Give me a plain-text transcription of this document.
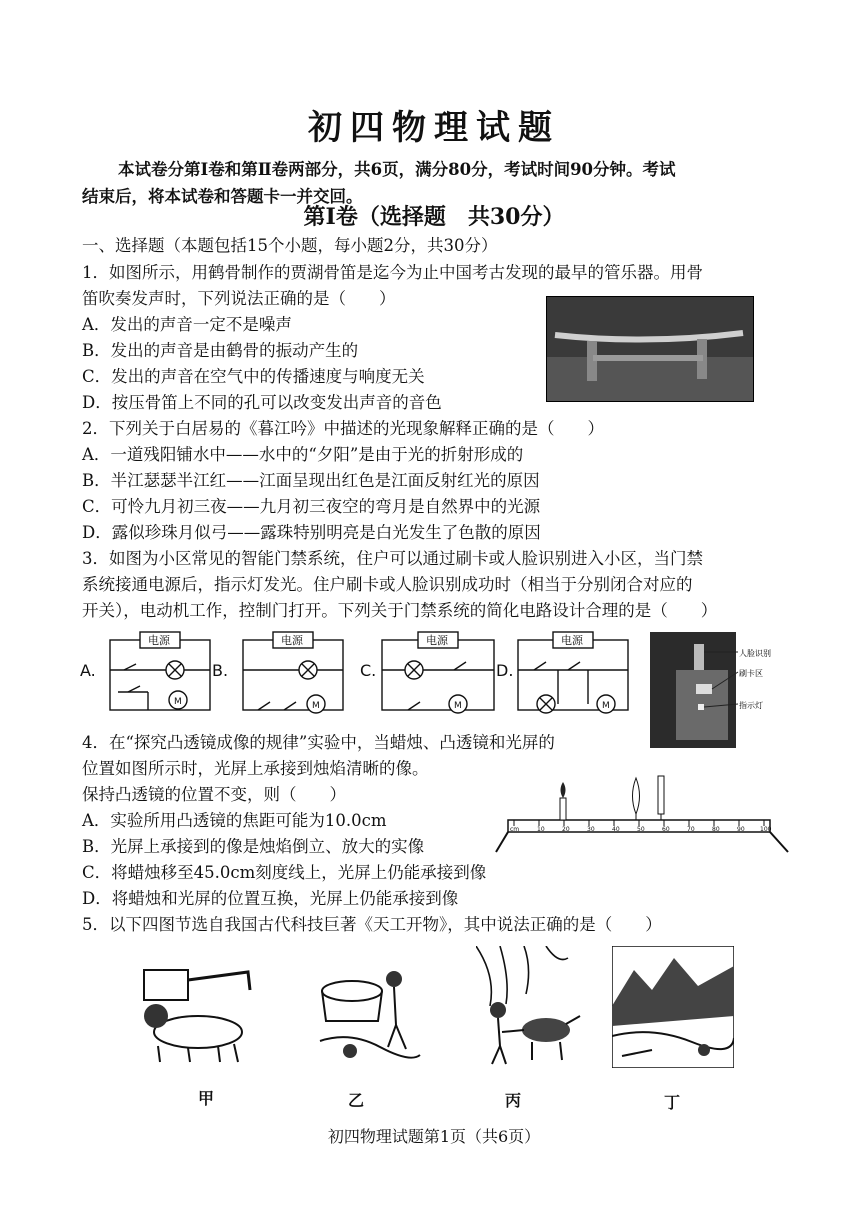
初四物理试题
本试卷分第Ⅰ卷和第Ⅱ卷两部分，共6页，满分80分，考试时间90分钟。考试
结束后，将本试卷和答题卡一并交回。
第Ⅰ卷（选择题　共30分）
一、选择题（本题包括15个小题，每小题2分，共30分）
1．如图所示，用鹤骨制作的贾湖骨笛是迄今为止中国考古发现的最早的管乐器。用骨
笛吹奏发声时，下列说法正确的是（　　）
A．发出的声音一定不是噪声
B．发出的声音是由鹤骨的振动产生的
C．发出的声音在空气中的传播速度与响度无关
D．按压骨笛上不同的孔可以改变发出声音的音色
2．下列关于白居易的《暮江吟》中描述的光现象解释正确的是（　　）
A．一道残阳铺水中——水中的“夕阳”是由于光的折射形成的
B．半江瑟瑟半江红——江面呈现出红色是江面反射红光的原因
C．可怜九月初三夜——九月初三夜空的弯月是自然界中的光源
D．露似珍珠月似弓——露珠特别明亮是白光发生了色散的原因
3．如图为小区常见的智能门禁系统，住户可以通过刷卡或人脸识别进入小区，当门禁
系统接通电源后，指示灯发光。住户刷卡或人脸识别成功时（相当于分别闭合对应的
开关），电动机工作，控制门打开。下列关于门禁系统的简化电路设计合理的是（　　）
电源	电源	电源	电源
M	M	M	M
A.	B.	C.	D.
人脸识别
刷卡区
指示灯
4．在“探究凸透镜成像的规律”实验中，当蜡烛、凸透镜和光屏的
位置如图所示时，光屏上承接到烛焰清晰的像。
保持凸透镜的位置不变，则（　　）
A．实验所用凸透镜的焦距可能为10.0cm
B．光屏上承接到的像是烛焰倒立、放大的实像
C．将蜡烛移至45.0cm刻度线上，光屏上仍能承接到像
D．将蜡烛和光屏的位置互换，光屏上仍能承接到像
cm	10	20	30	40	50	60	70	80	90	100
5．以下四图节选自我国古代科技巨著《天工开物》，其中说法正确的是（　　）
甲	乙	丙	丁
初四物理试题第1页（共6页）
